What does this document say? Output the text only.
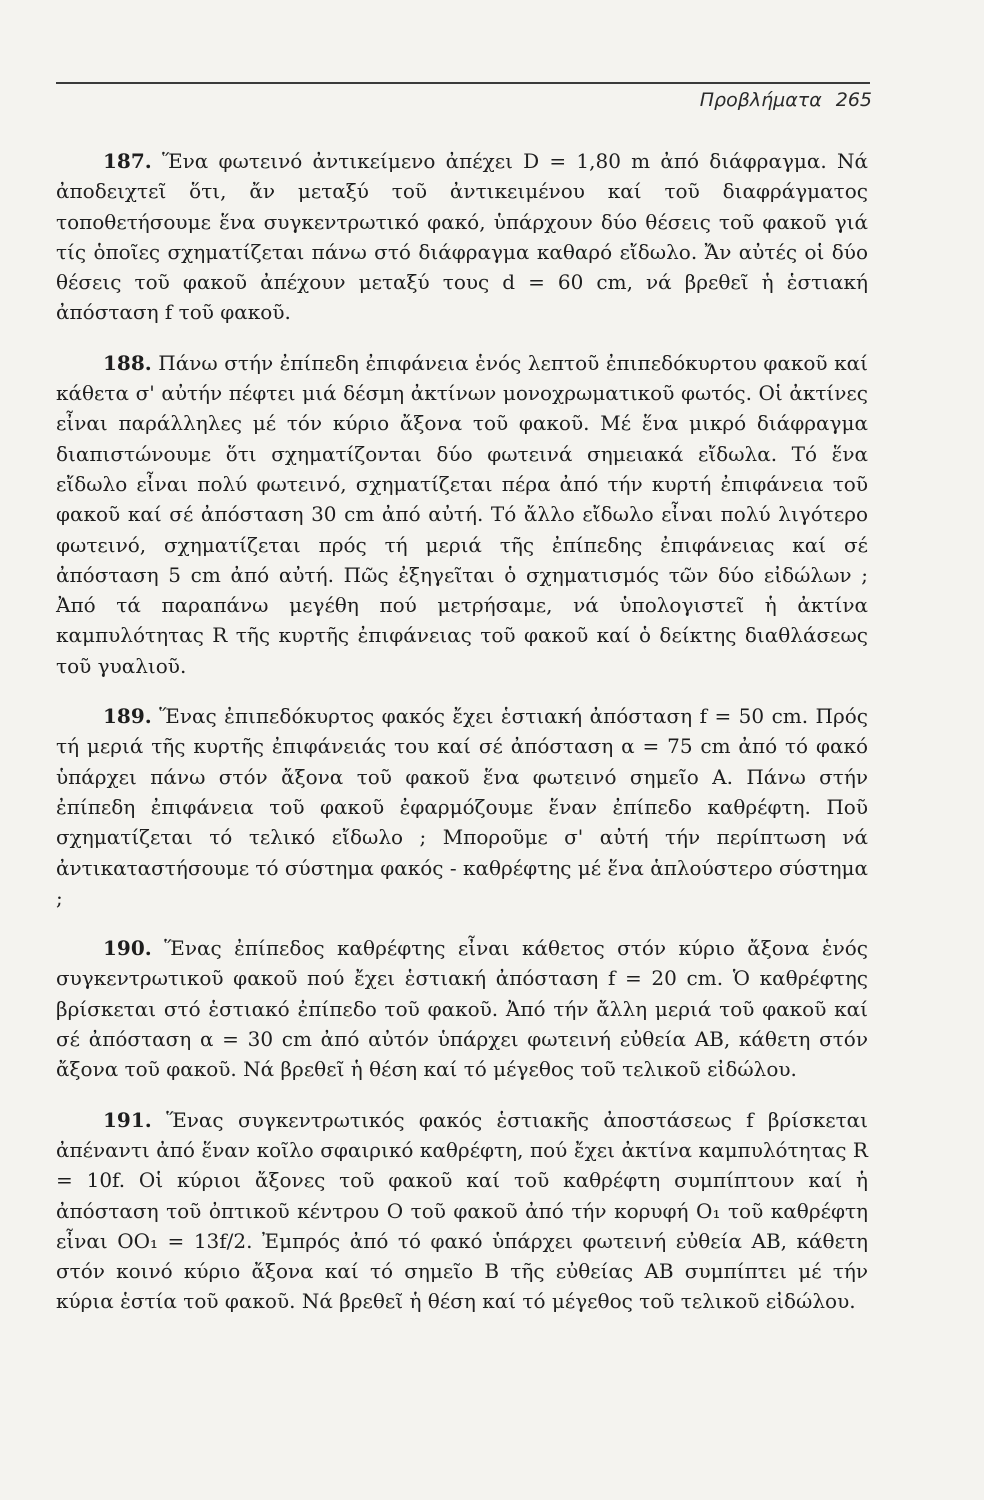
Προβλήματα 265

187. Ἕνα φωτεινό ἀντικείμενο ἀπέχει D = 1,80 m ἀπό διάφραγμα. Νά ἀποδειχτεῖ ὅτι, ἄν μεταξύ τοῦ ἀντικειμένου καί τοῦ διαφράγματος τοποθετήσουμε ἕνα συγκεντρωτικό φακό, ὑπάρχουν δύο θέσεις τοῦ φακοῦ γιά τίς ὁποῖες σχηματίζεται πάνω στό διάφραγμα καθαρό εἴδωλο. Ἄν αὐτές οἱ δύο θέσεις τοῦ φακοῦ ἀπέχουν μεταξύ τους d = 60 cm, νά βρεθεῖ ἡ ἑστιακή ἀπόσταση f τοῦ φακοῦ.

188. Πάνω στήν ἐπίπεδη ἐπιφάνεια ἑνός λεπτοῦ ἐπιπεδόκυρτου φακοῦ καί κάθετα σ' αὐτήν πέφτει μιά δέσμη ἀκτίνων μονοχρωματικοῦ φωτός. Οἱ ἀκτίνες εἶναι παράλληλες μέ τόν κύριο ἄξονα τοῦ φακοῦ. Μέ ἕνα μικρό διάφραγμα διαπιστώνουμε ὅτι σχηματίζονται δύο φωτεινά σημειακά εἴδωλα. Τό ἕνα εἴδωλο εἶναι πολύ φωτεινό, σχηματίζεται πέρα ἀπό τήν κυρτή ἐπιφάνεια τοῦ φακοῦ καί σέ ἀπόσταση 30 cm ἀπό αὐτή. Τό ἄλλο εἴδωλο εἶναι πολύ λιγότερο φωτεινό, σχηματίζεται πρός τή μεριά τῆς ἐπίπεδης ἐπιφάνειας καί σέ ἀπόσταση 5 cm ἀπό αὐτή. Πῶς ἐξηγεῖται ὁ σχηματισμός τῶν δύο εἰδώλων ; Ἀπό τά παραπάνω μεγέθη πού μετρήσαμε, νά ὑπολογιστεῖ ἡ ἀκτίνα καμπυλότητας R τῆς κυρτῆς ἐπιφάνειας τοῦ φακοῦ καί ὁ δείκτης διαθλάσεως τοῦ γυαλιοῦ.

189. Ἕνας ἐπιπεδόκυρτος φακός ἔχει ἑστιακή ἀπόσταση f = 50 cm. Πρός τή μεριά τῆς κυρτῆς ἐπιφάνειάς του καί σέ ἀπόσταση α = 75 cm ἀπό τό φακό ὑπάρχει πάνω στόν ἄξονα τοῦ φακοῦ ἕνα φωτεινό σημεῖο Α. Πάνω στήν ἐπίπεδη ἐπιφάνεια τοῦ φακοῦ ἐφαρμόζουμε ἕναν ἐπίπεδο καθρέφτη. Ποῦ σχηματίζεται τό τελικό εἴδωλο ; Μποροῦμε σ' αὐτή τήν περίπτωση νά ἀντικαταστήσουμε τό σύστημα φακός - καθρέφτης μέ ἕνα ἁπλούστερο σύστημα ;

190. Ἕνας ἐπίπεδος καθρέφτης εἶναι κάθετος στόν κύριο ἄξονα ἑνός συγκεντρωτικοῦ φακοῦ πού ἔχει ἑστιακή ἀπόσταση f = 20 cm. Ὁ καθρέφτης βρίσκεται στό ἑστιακό ἐπίπεδο τοῦ φακοῦ. Ἀπό τήν ἄλλη μεριά τοῦ φακοῦ καί σέ ἀπόσταση α = 30 cm ἀπό αὐτόν ὑπάρχει φωτεινή εὐθεία ΑΒ, κάθετη στόν ἄξονα τοῦ φακοῦ. Νά βρεθεῖ ἡ θέση καί τό μέγεθος τοῦ τελικοῦ εἰδώλου.

191. Ἕνας συγκεντρωτικός φακός ἑστιακῆς ἀποστάσεως f βρίσκεται ἀπέναντι ἀπό ἕναν κοῖλο σφαιρικό καθρέφτη, πού ἔχει ἀκτίνα καμπυλότητας R = 10f. Οἱ κύριοι ἄξονες τοῦ φακοῦ καί τοῦ καθρέφτη συμπίπτουν καί ἡ ἀπόσταση τοῦ ὀπτικοῦ κέντρου Ο τοῦ φακοῦ ἀπό τήν κορυφή Ο₁ τοῦ καθρέφτη εἶναι ΟΟ₁ = 13f/2. Ἐμπρός ἀπό τό φακό ὑπάρχει φωτεινή εὐθεία ΑΒ, κάθετη στόν κοινό κύριο ἄξονα καί τό σημεῖο Β τῆς εὐθείας ΑΒ συμπίπτει μέ τήν κύρια ἑστία τοῦ φακοῦ. Νά βρεθεῖ ἡ θέση καί τό μέγεθος τοῦ τελικοῦ εἰδώλου.
